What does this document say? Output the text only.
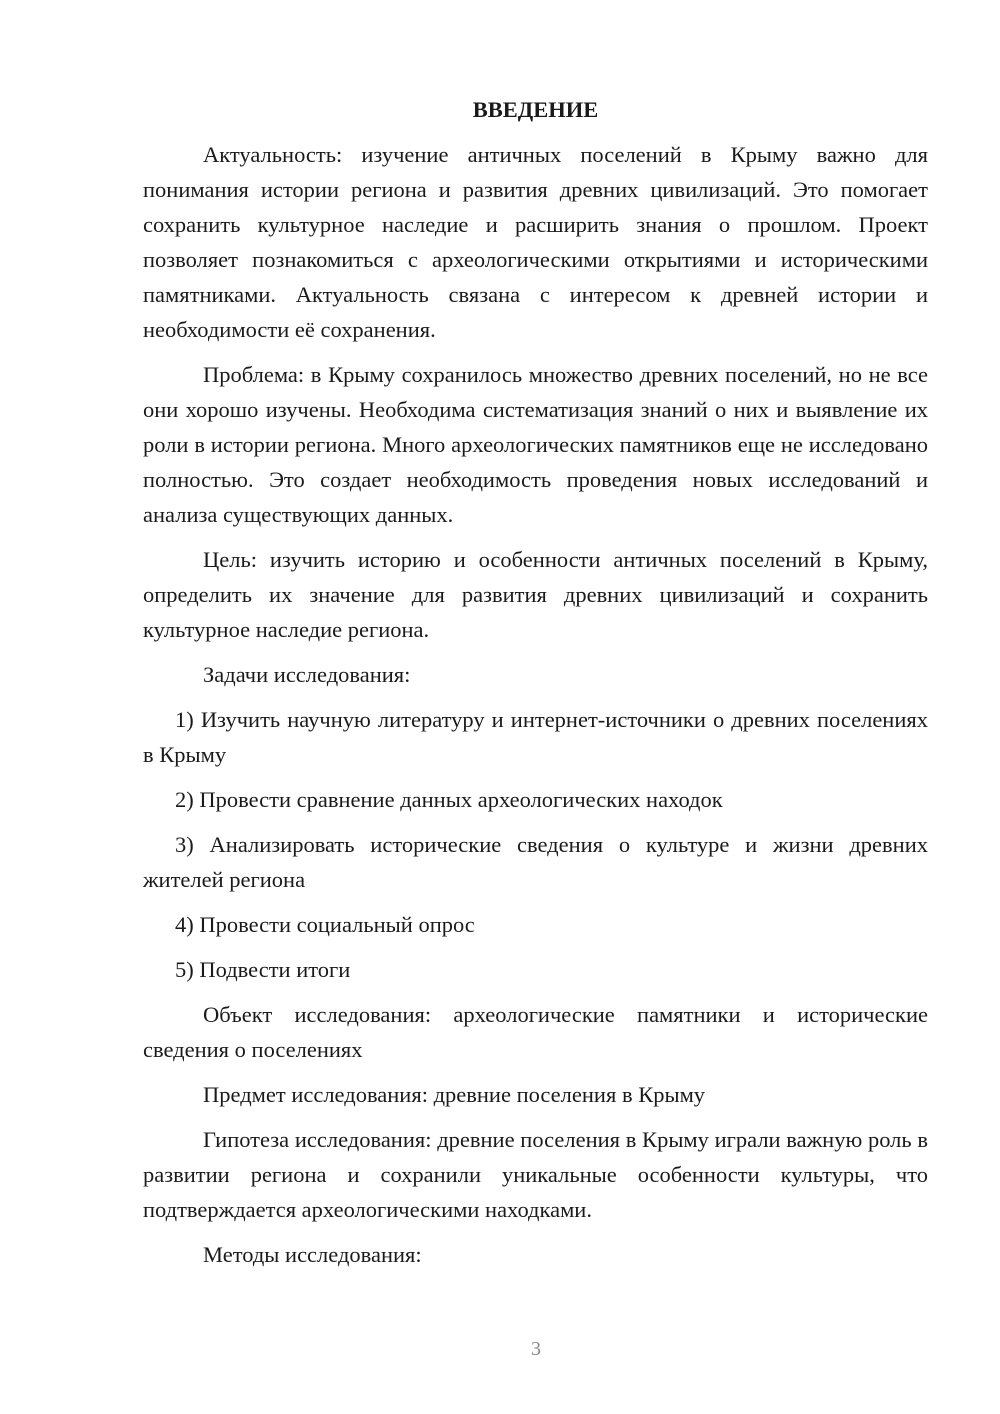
ВВЕДЕНИЕ

Актуальность: изучение античных поселений в Крыму важно для понимания истории региона и развития древних цивилизаций. Это помогает сохранить культурное наследие и расширить знания о прошлом. Проект позволяет познакомиться с археологическими открытиями и историческими памятниками. Актуальность связана с интересом к древней истории и необходимости её сохранения.

Проблема: в Крыму сохранилось множество древних поселений, но не все они хорошо изучены. Необходима систематизация знаний о них и выявление их роли в истории региона. Много археологических памятников еще не исследовано полностью. Это создает необходимость проведения новых исследований и анализа существующих данных.

Цель: изучить историю и особенности античных поселений в Крыму, определить их значение для развития древних цивилизаций и сохранить культурное наследие региона.

Задачи исследования:

1) Изучить научную литературу и интернет-источники о древних поселениях в Крыму

2) Провести сравнение данных археологических находок

3) Анализировать исторические сведения о культуре и жизни древних жителей региона

4) Провести социальный опрос

5) Подвести итоги

Объект исследования: археологические памятники и исторические сведения о поселениях

Предмет исследования: древние поселения в Крыму

Гипотеза исследования: древние поселения в Крыму играли важную роль в развитии региона и сохранили уникальные особенности культуры, что подтверждается археологическими находками.

Методы исследования:

3
